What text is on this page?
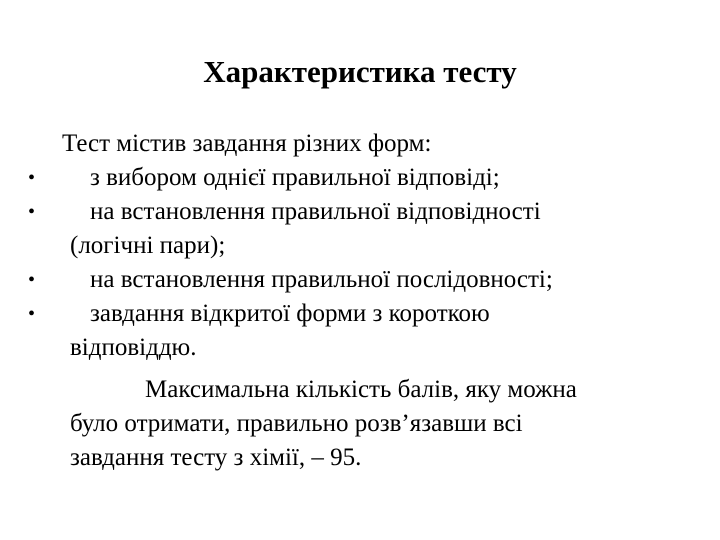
Характеристика тесту
Тест містив завдання різних форм:
•	з вибором однієї правильної відповіді;
•	на встановлення правильної відповідності
(логічні пари);
•	на встановлення правильної послідовності;
•	завдання відкритої форми з короткою
відповіддю.
Максимальна кількість балів, яку можна
було отримати, правильно розв’язавши всі
завдання тесту з хімії, – 95.
